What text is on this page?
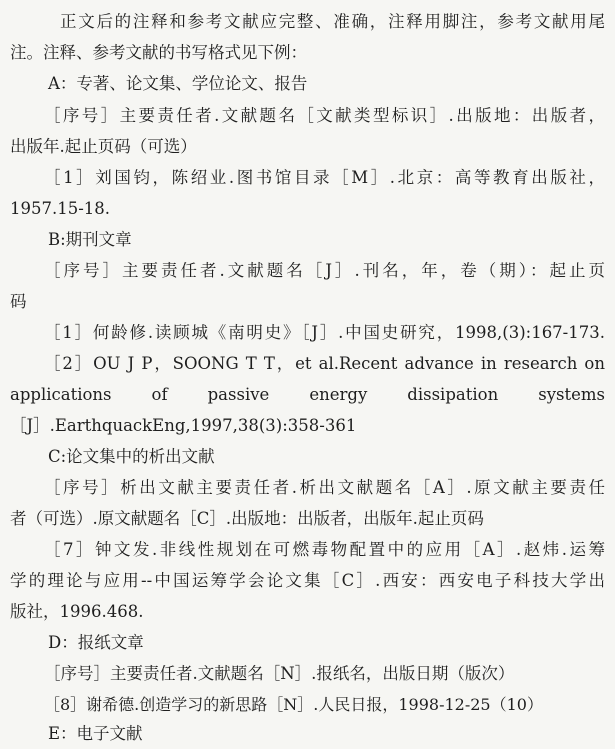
正文后的注释和参考文献应完整、准确，注释用脚注，参考文献用尾
注。注释、参考文献的书写格式见下例：
A：专著、论文集、学位论文、报告
［序号］主要责任者.文献题名［文献类型标识］.出版地：出版者，
出版年.起止页码（可选）
［1］刘国钧，陈绍业.图书馆目录［M］.北京：高等教育出版社，
1957.15-18.
B:期刊文章
［序号］主要责任者.文献题名［J］.刊名，年，卷（期）：起止页
码
［1］何龄修.读顾城《南明史》［J］.中国史研究，1998,(3):167-173.
［2］OU J P，SOONG T T，et al.Recent advance in research on
applications of passive energy dissipation systems
［J］.EarthquackEng,1997,38(3):358-361
C:论文集中的析出文献
［序号］析出文献主要责任者.析出文献题名［A］.原文献主要责任
者（可选）.原文献题名［C］.出版地：出版者，出版年.起止页码
［7］钟文发.非线性规划在可燃毒物配置中的应用［A］.赵炜.运筹
学的理论与应用--中国运筹学会论文集［C］.西安：西安电子科技大学出
版社，1996.468.
D：报纸文章
［序号］主要责任者.文献题名［N］.报纸名，出版日期（版次）
［8］谢希德.创造学习的新思路［N］.人民日报，1998-12-25（10）
E：电子文献
